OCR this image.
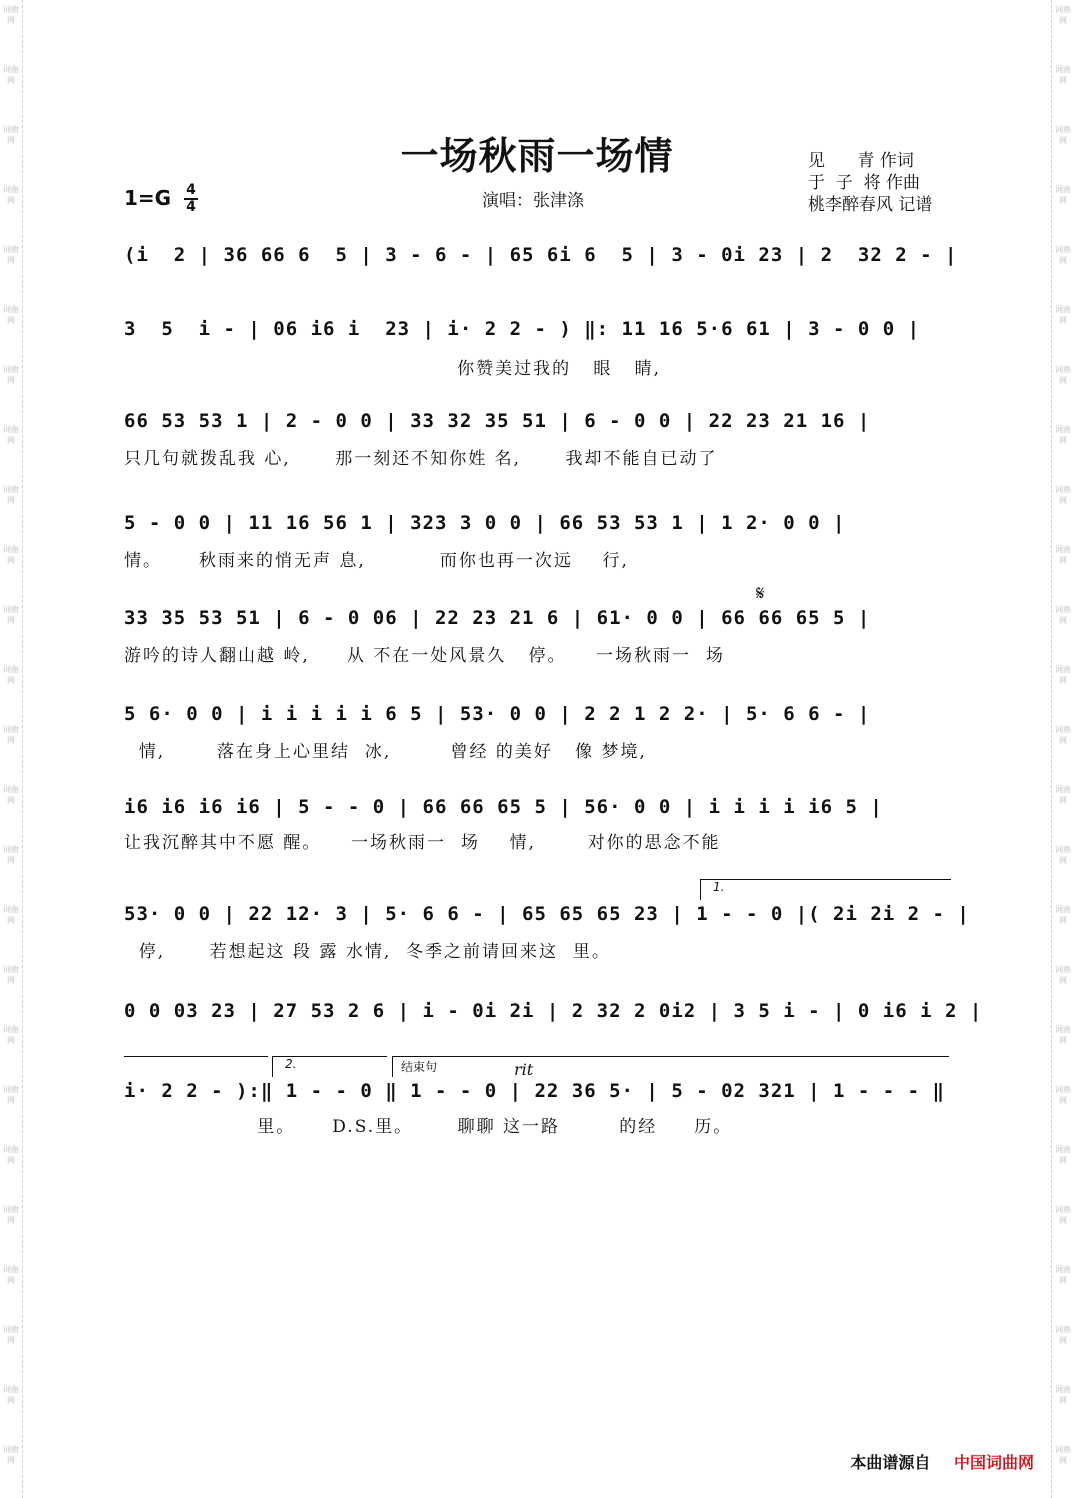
词曲网
词曲网
词曲网
词曲网
词曲网
词曲网
词曲网
词曲网
词曲网
词曲网
词曲网
词曲网
词曲网
词曲网
词曲网
词曲网
词曲网
词曲网
词曲网
词曲网
词曲网
词曲网
词曲网
词曲网
词曲网
词曲网
词曲网
词曲网
词曲网
词曲网
词曲网
词曲网
词曲网
词曲网
词曲网
词曲网
词曲网
词曲网
词曲网
词曲网
词曲网
词曲网
词曲网
词曲网
词曲网
词曲网
词曲网
词曲网
词曲网
词曲网
一场秋雨一场情	见      青 作词
于  子  将 作曲
桃李醉春风 记谱
1=G 4
4	演唱：张津涤
(i  2 | 36 66 6  5 | 3 - 6 - | 65 6i 6  5 | 3 - 0i 23 | 2  32 2 - |
3  5  i - | 06 i6 i  23 | i· 2 2 - ) ‖: 11 16 5·6 61 | 3 - 0 0 |
你赞美过我的   眼   睛,
66 53 53 1 | 2 - 0 0 | 33 32 35 51 | 6 - 0 0 | 22 23 21 16 |
只几句就拨乱我 心,      那一刻还不知你姓 名,      我却不能自已动了
5 - 0 0 | 11 16 56 1 | 323 3 0 0 | 66 53 53 1 | 1 2· 0 0 |
情。     秋雨来的悄无声 息,          而你也再一次远    行,
33 35 53 51 | 6 - 0 06 | 22 23 21 6 | 61· 0 0 | 66 66 65 5 |
游吟的诗人翻山越 岭,     从 不在一处风景久   停。    一场秋雨一  场
𝄋
5 6· 0 0 | i i i i i 6 5 | 53· 0 0 | 2 2 1 2 2· | 5· 6 6 - |
情,       落在身上心里结  冰,        曾经 的美好   像 梦境,
i6 i6 i6 i6 | 5 - - 0 | 66 66 65 5 | 56· 0 0 | i i i i i6 5 |
让我沉醉其中不愿 醒。    一场秋雨一  场    情,       对你的思念不能
53· 0 0 | 22 12· 3 | 5· 6 6 - | 65 65 65 23 | 1 - - 0 |( 2i 2i 2 - |
停,      若想起这 段 露 水情,  冬季之前请回来这  里。
1.
0 0 03 23 | 27 53 2 6 | i - 0i 2i | 2 32 2 0i2 | 3 5 i - | 0 i6 i 2 |
2.	结束句	rit
i· 2 2 - ):‖ 1 - - 0 ‖ 1 - - 0 | 22 36 5· | 5 - 02 321 | 1 - - - ‖
里。     D.S.里。      聊聊 这一路        的经     历。
本曲谱源自 中国词曲网
